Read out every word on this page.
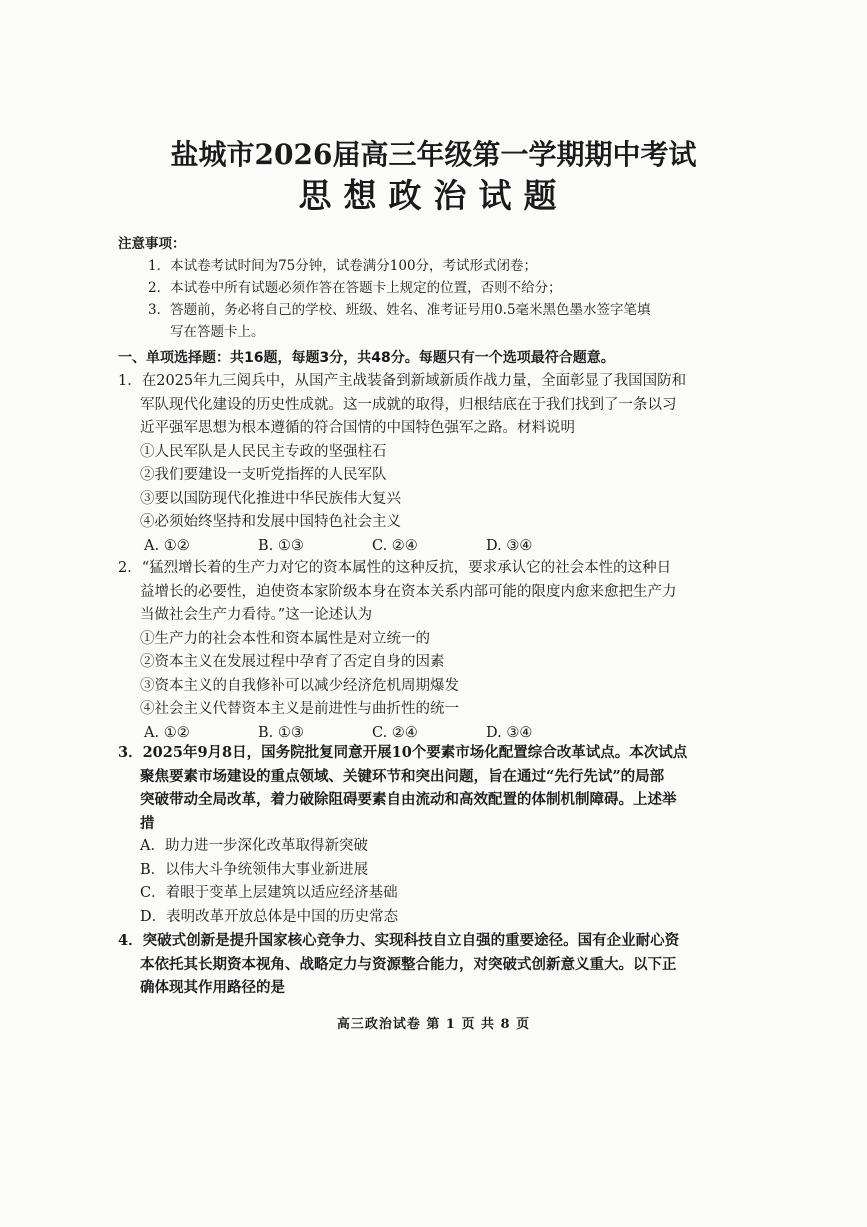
盐城市2026届高三年级第一学期期中考试
思想政治试题
注意事项：
1．本试卷考试时间为75分钟，试卷满分100分，考试形式闭卷；
2．本试卷中所有试题必须作答在答题卡上规定的位置，否则不给分；
3．答题前，务必将自己的学校、班级、姓名、准考证号用0.5毫米黑色墨水签字笔填
写在答题卡上。
一、单项选择题：共16题，每题3分，共48分。每题只有一个选项最符合题意。
1．在2025年九三阅兵中，从国产主战装备到新域新质作战力量，全面彰显了我国国防和
军队现代化建设的历史性成就。这一成就的取得，归根结底在于我们找到了一条以习
近平强军思想为根本遵循的符合国情的中国特色强军之路。材料说明
①人民军队是人民民主专政的坚强柱石
②我们要建设一支听党指挥的人民军队
③要以国防现代化推进中华民族伟大复兴
④必须始终坚持和发展中国特色社会主义
A. ①②	B. ①③	C. ②④	D. ③④
2．“猛烈增长着的生产力对它的资本属性的这种反抗，要求承认它的社会本性的这种日
益增长的必要性，迫使资本家阶级本身在资本关系内部可能的限度内愈来愈把生产力
当做社会生产力看待。”这一论述认为
①生产力的社会本性和资本属性是对立统一的
②资本主义在发展过程中孕育了否定自身的因素
③资本主义的自我修补可以减少经济危机周期爆发
④社会主义代替资本主义是前进性与曲折性的统一
A. ①②	B. ①③	C. ②④	D. ③④
3．2025年9月8日，国务院批复同意开展10个要素市场化配置综合改革试点。本次试点
聚焦要素市场建设的重点领域、关键环节和突出问题，旨在通过“先行先试”的局部
突破带动全局改革，着力破除阻碍要素自由流动和高效配置的体制机制障碍。上述举
措
A．助力进一步深化改革取得新突破
B．以伟大斗争统领伟大事业新进展
C．着眼于变革上层建筑以适应经济基础
D．表明改革开放总体是中国的历史常态
4．突破式创新是提升国家核心竞争力、实现科技自立自强的重要途径。国有企业耐心资
本依托其长期资本视角、战略定力与资源整合能力，对突破式创新意义重大。以下正
确体现其作用路径的是
高三政治试卷 第 1 页 共 8 页
